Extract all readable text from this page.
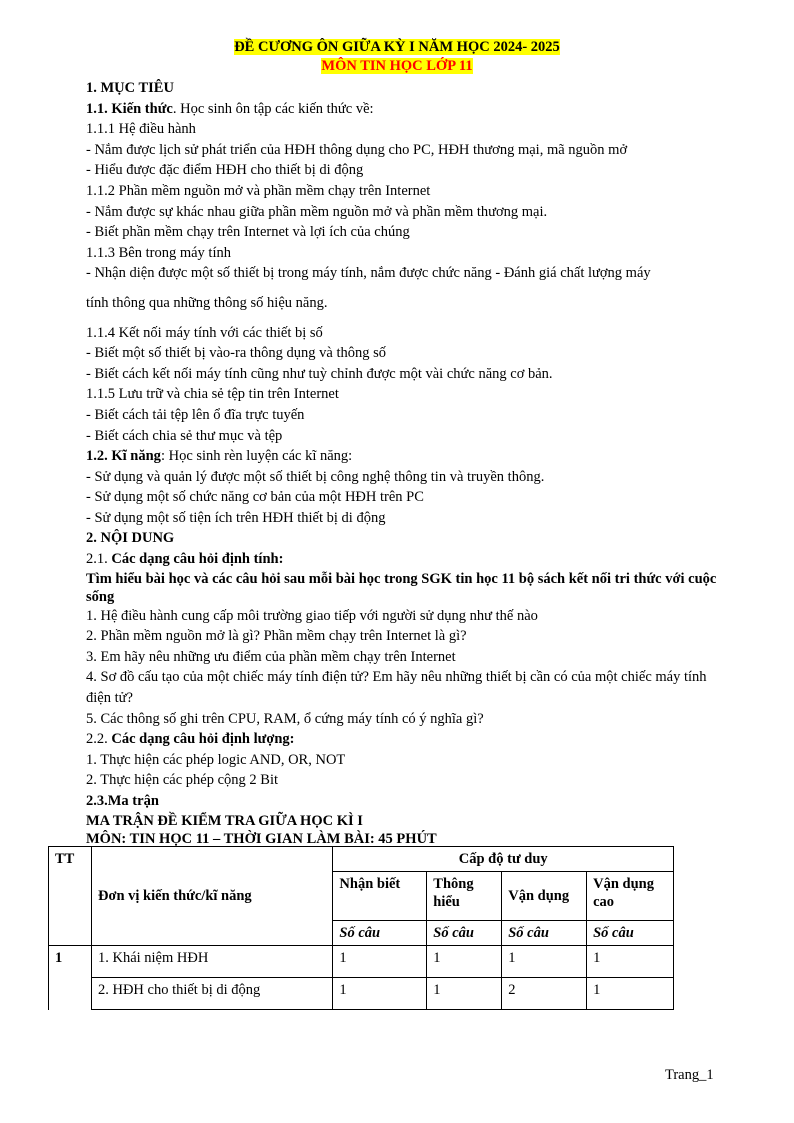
ĐỀ CƯƠNG ÔN GIỮA KỲ I NĂM HỌC 2024- 2025
MÔN TIN HỌC LỚP 11

1. MỤC TIÊU

1.1. Kiến thức. Học sinh ôn tập các kiến thức về:

1.1.1 Hệ điều hành

- Nắm được lịch sử phát triển của HĐH thông dụng cho PC, HĐH thương mại, mã nguồn mở

- Hiểu được đặc điểm HĐH cho thiết bị di động

1.1.2 Phần mềm nguồn mở và phần mềm chạy trên Internet

- Nắm được sự khác nhau giữa phần mềm nguồn mở và phần mềm thương mại.

- Biết phần mềm chạy trên Internet và lợi ích của chúng

1.1.3 Bên trong máy tính

- Nhận diện được một số thiết bị trong máy tính, nắm được chức năng - Đánh giá chất lượng máy

tính thông qua những thông số hiệu năng.

1.1.4 Kết nối máy tính với các thiết bị số

- Biết một số thiết bị vào-ra thông dụng và thông số

- Biết cách kết nối máy tính cũng như tuỳ chỉnh được một vài chức năng cơ bản.

1.1.5 Lưu trữ và chia sẻ tệp tin trên Internet

- Biết cách tải tệp lên ổ đĩa trực tuyến

- Biết cách chia sẻ thư mục và tệp

1.2. Kĩ năng: Học sinh rèn luyện các kĩ năng:

- Sử dụng và quản lý được một số thiết bị công nghệ thông tin và truyền thông.

- Sử dụng một số chức năng cơ bản của một HĐH trên PC

- Sử dụng một số tiện ích trên HĐH thiết bị di động

2. NỘI DUNG

2.1. Các dạng câu hỏi định tính:

Tìm hiểu bài học và các câu hỏi sau mỗi bài học trong SGK tin học 11 bộ sách kết nối tri thức với cuộc sống

1. Hệ điều hành cung cấp môi trường giao tiếp với người sử dụng như thế nào

2. Phần mềm nguồn mở là gì? Phần mềm chạy trên Internet là gì?

3. Em hãy nêu những ưu điểm của phần mềm chạy trên Internet

4. Sơ đồ cấu tạo của một chiếc máy tính điện tử? Em hãy nêu những thiết bị cần có của một chiếc máy tính điện tử?

5. Các thông số ghi trên CPU, RAM, ổ cứng máy tính có ý nghĩa gì?

2.2. Các dạng câu hỏi định lượng:

1. Thực hiện các phép logic AND, OR, NOT

2. Thực hiện các phép cộng 2 Bit

2.3.Ma trận

MA TRẬN ĐỀ KIỂM TRA GIỮA HỌC KÌ I

MÔN: TIN HỌC 11 – THỜI GIAN LÀM BÀI: 45 PHÚT

TT	Đơn vị kiến thức/kĩ năng	Cấp độ tư duy			
		Nhận biết	Thông hiểu	Vận dụng	Vận dụng cao
		Số câu	Số câu	Số câu	Số câu
1	1. Khái niệm HĐH	1	1	1	1
	2. HĐH cho thiết bị di động	1	1	2	1
Trang_1
